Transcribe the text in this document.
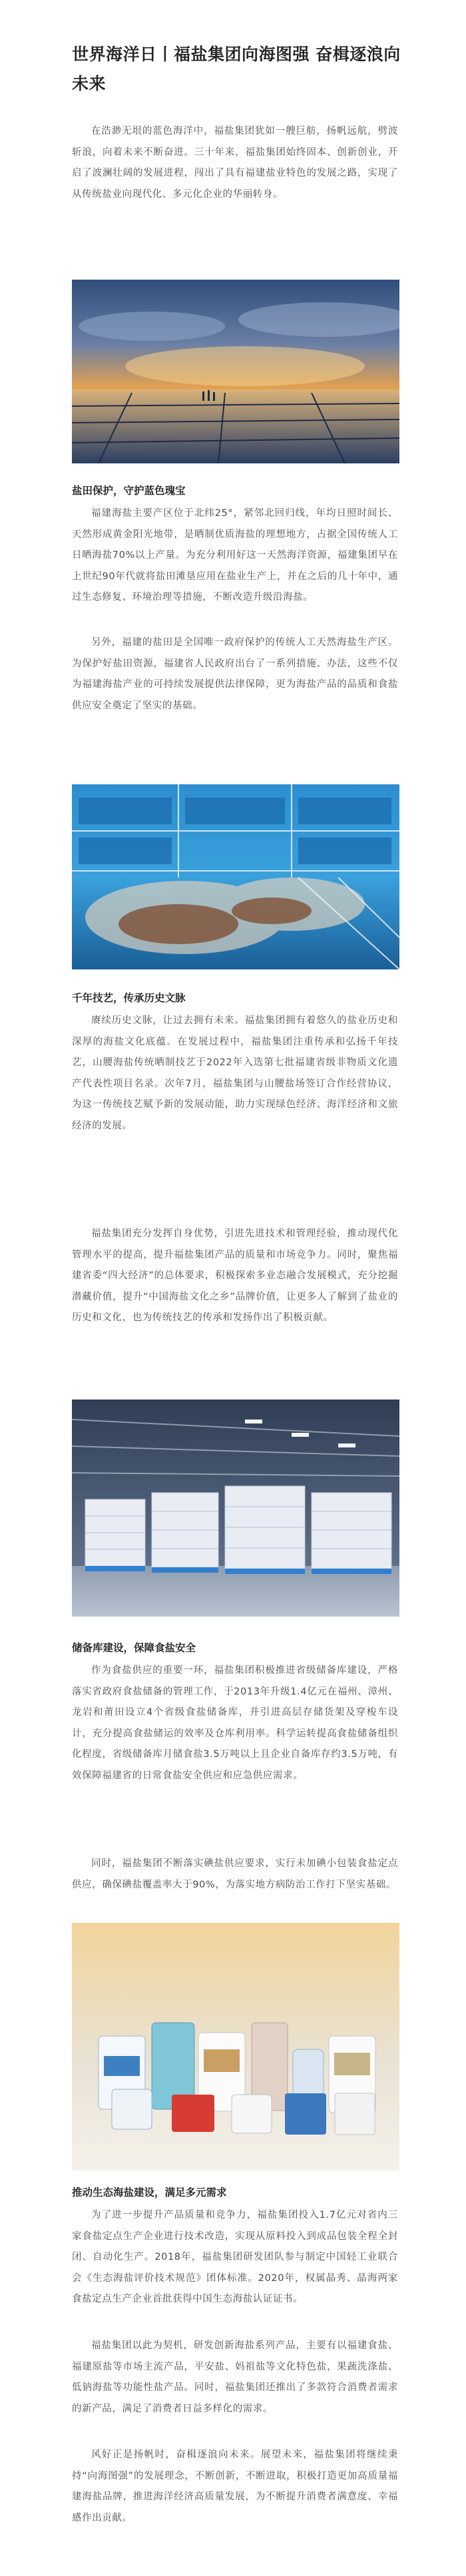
世界海洋日丨福盐集团向海图强 奋楫逐浪向未来

在浩渺无垠的蓝色海洋中，福盐集团犹如一艘巨舫，扬帆远航，劈波斩浪，向着未来不断奋进。三十年来，福盐集团始终固本、创新创业，开启了波澜壮阔的发展进程，闯出了具有福建盐业特色的发展之路，实现了从传统盐业向现代化、多元化企业的华丽转身。

盐田保护，守护蓝色瑰宝

福建海盐主要产区位于北纬25°，紧邻北回归线，年均日照时间长、天然形成黄金阳光地带，是晒制优质海盐的理想地方，占据全国传统人工日晒海盐70%以上产量。为充分利用好这一天然海洋资源，福建集团早在上世纪90年代就将盐田滩垦应用在盐业生产上，并在之后的几十年中，通过生态修复、环境治理等措施，不断改造升级沿海盐。

另外，福建的盐田是全国唯一政府保护的传统人工天然海盐生产区。为保护好盐田资源，福建省人民政府出台了一系列措施、办法，这些不仅为福建海盐产业的可持续发展提供法律保障，更为海盐产品的品质和食盐供应安全奠定了坚实的基础。

千年技艺，传承历史文脉

赓续历史文脉，让过去拥有未来。福盐集团拥有着悠久的盐业历史和深厚的海盐文化底蕴。在发展过程中，福盐集团注重传承和弘扬千年技艺，山腰海盐传统晒制技艺于2022年入选第七批福建省级非物质文化遗产代表性项目名录。次年7月，福盐集团与山腰盐场签订合作经营协议，为这一传统技艺赋予新的发展动能，助力实现绿色经济、海洋经济和文旅经济的发展。

福盐集团充分发挥自身优势，引进先进技术和管理经验，推动现代化管理水平的提高，提升福盐集团产品的质量和市场竞争力。同时，聚焦福建省委“四大经济”的总体要求，积极探索多业态融合发展模式，充分挖掘潜藏价值，提升“中国海盐文化之乡”品牌价值，让更多人了解到了盐业的历史和文化，也为传统技艺的传承和发扬作出了积极贡献。

储备库建设，保障食盐安全

作为食盐供应的重要一环，福盐集团积极推进省级储备库建设，严格落实省政府食盐储备的管理工作，于2013年升级1.4亿元在福州、漳州、龙岩和莆田设立4个省级食盐储备库，并引进高层存储货架及穿梭车设计，充分提高食盐储运的效率及仓库利用率。科学运转提高食盐储备组织化程度，省级储备库月储食盐3.5万吨以上且企业自备库存约3.5万吨，有效保障福建省的日常食盐安全供应和应急供应需求。

同时，福盐集团不断落实碘盐供应要求，实行未加碘小包装食盐定点供应，确保碘盐覆盖率大于90%，为落实地方病防治工作打下坚实基础。

推动生态海盐建设，满足多元需求

为了进一步提升产品质量和竞争力，福盐集团投入1.7亿元对省内三家食盐定点生产企业进行技术改造，实现从原料投入到成品包装全程全封闭、自动化生产。2018年，福盐集团研发团队参与制定中国轻工业联合会《生态海盐评价技术规范》团体标准。2020年，权属晶秀、晶海两家食盐定点生产企业首批获得中国生态海盐认证证书。

福盐集团以此为契机，研发创新海盐系列产品，主要有以福建食盐、福建原盐等市场主流产品，平安盐、妈祖盐等文化特色盐，果蔬洗涤盐、低钠海盐等功能性盐产品。同时，福盐集团还推出了多款符合消费者需求的新产品，满足了消费者日益多样化的需求。

风好正是扬帆时，奋楫逐浪向未来。展望未来，福盐集团将继续秉持“向海图强”的发展理念，不断创新，不断进取，积极打造更加高质量福建海盐品牌，推进海洋经济高质量发展，为不断提升消费者满意度、幸福感作出贡献。
